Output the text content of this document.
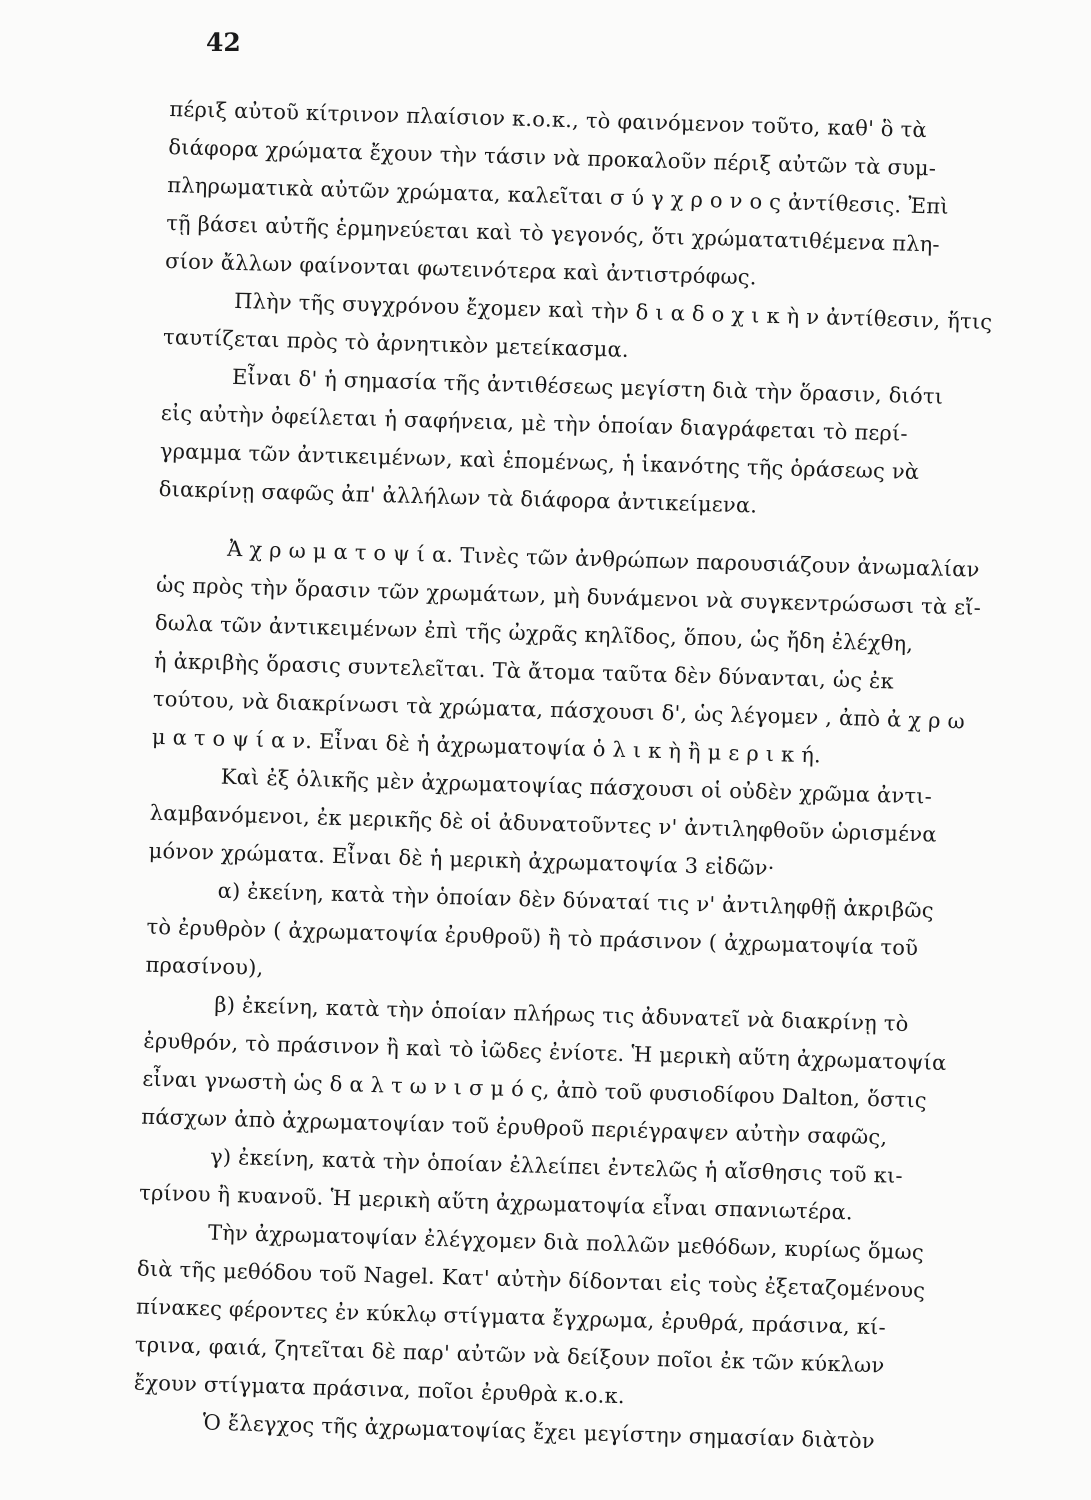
42
πέριξ αὐτοῦ κίτρινον πλαίσιον κ.ο.κ., τὸ φαινόμενον τοῦτο, καθ' ὃ τὰ
διάφορα χρώματα ἔχουν τὴν τάσιν νὰ προκαλοῦν πέριξ αὐτῶν τὰ συμ-
πληρωματικὰ αὐτῶν χρώματα, καλεῖται σ ύ γ χ ρ ο ν ο ς ἀντίθεσις. Ἐπὶ
τῇ βάσει αὐτῆς ἑρμηνεύεται καὶ τὸ γεγονός, ὅτι χρώματατιθέμενα πλη-
σίον ἄλλων φαίνονται φωτεινότερα καὶ ἀντιστρόφως.
Πλὴν τῆς συγχρόνου ἔχομεν καὶ τὴν δ ι α δ ο χ ι κ ὴ ν ἀντίθεσιν, ἥτις
ταυτίζεται πρὸς τὸ ἀρνητικὸν μετείκασμα.
Εἶναι δ' ἡ σημασία τῆς ἀντιθέσεως μεγίστη διὰ τὴν ὅρασιν, διότι
εἰς αὐτὴν ὀφείλεται ἡ σαφήνεια, μὲ τὴν ὁποίαν διαγράφεται τὸ περί-
γραμμα τῶν ἀντικειμένων, καὶ ἑπομένως, ἡ ἱκανότης τῆς ὁράσεως νὰ
διακρίνῃ σαφῶς ἀπ' ἀλλήλων τὰ διάφορα ἀντικείμενα.
Ἀ χ ρ ω μ α τ ο ψ ί α. Τινὲς τῶν ἀνθρώπων παρουσιάζουν ἀνωμαλίαν
ὡς πρὸς τὴν ὅρασιν τῶν χρωμάτων, μὴ δυνάμενοι νὰ συγκεντρώσωσι τὰ εἴ-
δωλα τῶν ἀντικειμένων ἐπὶ τῆς ὠχρᾶς κηλῖδος, ὅπου, ὡς ἤδη ἐλέχθη,
ἡ ἀκριβὴς ὅρασις συντελεῖται. Τὰ ἄτομα ταῦτα δὲν δύνανται, ὡς ἐκ
τούτου, νὰ διακρίνωσι τὰ χρώματα, πάσχουσι δ', ὡς λέγομεν , ἀπὸ ἀ χ ρ ω
μ α τ ο ψ ί α ν. Εἶναι δὲ ἡ ἀχρωματοψία ὁ λ ι κ ὴ ἢ μ ε ρ ι κ ή.
Καὶ ἐξ ὁλικῆς μὲν ἀχρωματοψίας πάσχουσι οἱ οὐδὲν χρῶμα ἀντι-
λαμβανόμενοι, ἐκ μερικῆς δὲ οἱ ἀδυνατοῦντες ν' ἀντιληφθοῦν ὡρισμένα
μόνον χρώματα. Εἶναι δὲ ἡ μερικὴ ἀχρωματοψία 3 εἰδῶν·
α) ἐκείνη, κατὰ τὴν ὁποίαν δὲν δύναταί τις ν' ἀντιληφθῇ ἀκριβῶς
τὸ ἐρυθρὸν ( ἀχρωματοψία ἐρυθροῦ) ἢ τὸ πράσινον ( ἀχρωματοψία τοῦ
πρασίνου),
β) ἐκείνη, κατὰ τὴν ὁποίαν πλήρως τις ἀδυνατεῖ νὰ διακρίνῃ τὸ
ἐρυθρόν, τὸ πράσινον ἢ καὶ τὸ ἰῶδες ἐνίοτε. Ἡ μερικὴ αὕτη ἀχρωματοψία
εἶναι γνωστὴ ὡς δ α λ τ ω ν ι σ μ ό ς, ἀπὸ τοῦ φυσιοδίφου Dalton, ὅστις
πάσχων ἀπὸ ἀχρωματοψίαν τοῦ ἐρυθροῦ περιέγραψεν αὐτὴν σαφῶς,
γ) ἐκείνη, κατὰ τὴν ὁποίαν ἐλλείπει ἐντελῶς ἡ αἴσθησις τοῦ κι-
τρίνου ἢ κυανοῦ. Ἡ μερικὴ αὕτη ἀχρωματοψία εἶναι σπανιωτέρα.
Τὴν ἀχρωματοψίαν ἐλέγχομεν διὰ πολλῶν μεθόδων, κυρίως ὅμως
διὰ τῆς μεθόδου τοῦ Nagel. Κατ' αὐτὴν δίδονται εἰς τοὺς ἐξεταζομένους
πίνακες φέροντες ἐν κύκλῳ στίγματα ἔγχρωμα, ἐρυθρά, πράσινα, κί-
τρινα, φαιά, ζητεῖται δὲ παρ' αὐτῶν νὰ δείξουν ποῖοι ἐκ τῶν κύκλων
ἔχουν στίγματα πράσινα, ποῖοι ἐρυθρὰ κ.ο.κ.
Ὁ ἔλεγχος τῆς ἀχρωματοψίας ἔχει μεγίστην σημασίαν διὰτὸν
